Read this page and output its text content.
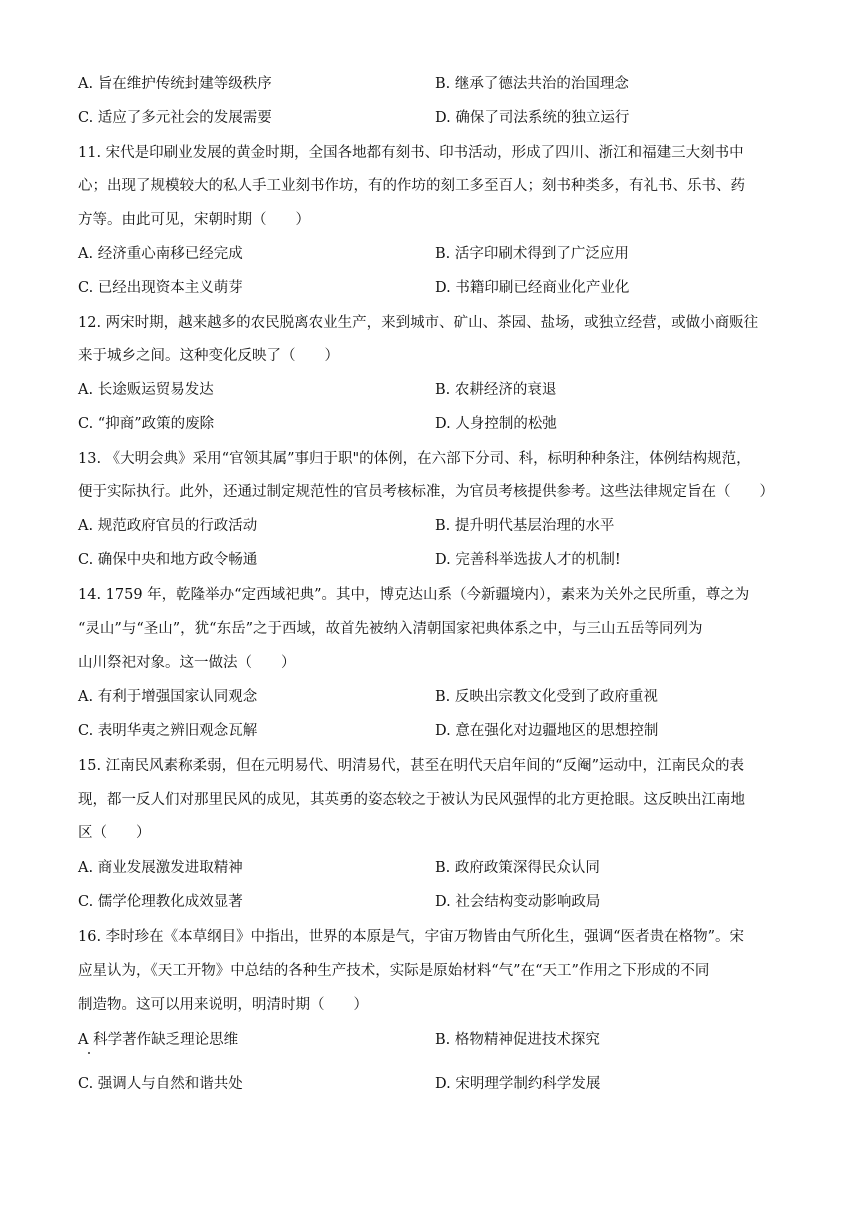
A. 旨在维护传统封建等级秩序	B. 继承了德法共治的治国理念
C. 适应了多元社会的发展需要	D. 确保了司法系统的独立运行
11. 宋代是印刷业发展的黄金时期，全国各地都有刻书、印书活动，形成了四川、浙江和福建三大刻书中
心；出现了规模较大的私人手工业刻书作坊，有的作坊的刻工多至百人；刻书种类多，有礼书、乐书、药
方等。由此可见，宋朝时期（　　）
A. 经济重心南移已经完成	B. 活字印刷术得到了广泛应用
C. 已经出现资本主义萌芽	D. 书籍印刷已经商业化产业化
12. 两宋时期，越来越多的农民脱离农业生产，来到城市、矿山、茶园、盐场，或独立经营，或做小商贩往
来于城乡之间。这种变化反映了（　　）
A. 长途贩运贸易发达	B. 农耕经济的衰退
C. “抑商”政策的废除	D. 人身控制的松弛
13. 《大明会典》采用“官领其属”事归于职"的体例，在六部下分司、科，标明种种条注，体例结构规范，
便于实际执行。此外，还通过制定规范性的官员考核标准，为官员考核提供参考。这些法律规定旨在（　　）
A. 规范政府官员的行政活动	B. 提升明代基层治理的水平
C. 确保中央和地方政令畅通	D. 完善科举选拔人才的机制!
14. 1759 年，乾隆举办“定西域祀典”。其中，博克达山系（今新疆境内），素来为关外之民所重，尊之为
“灵山”与“圣山”，犹“东岳”之于西域，故首先被纳入清朝国家祀典体系之中，与三山五岳等同列为
山川祭祀对象。这一做法（　　）
A. 有利于增强国家认同观念	B. 反映出宗教文化受到了政府重视
C. 表明华夷之辨旧观念瓦解	D. 意在强化对边疆地区的思想控制
15. 江南民风素称柔弱，但在元明易代、明清易代，甚至在明代天启年间的“反阉”运动中，江南民众的表
现，都一反人们对那里民风的成见，其英勇的姿态较之于被认为民风强悍的北方更抢眼。这反映出江南地
区（　　）
A. 商业发展激发进取精神	B. 政府政策深得民众认同
C. 儒学伦理教化成效显著	D. 社会结构变动影响政局
16. 李时珍在《本草纲目》中指出，世界的本原是气，宇宙万物皆由气所化生，强调“医者贵在格物”。宋
应星认为，《天工开物》中总结的各种生产技术，实际是原始材料“气”在“天工”作用之下形成的不同
制造物。这可以用来说明，明清时期（　　）
A 科学著作缺乏理论思维	B. 格物精神促进技术探究
C. 强调人与自然和谐共处	D. 宋明理学制约科学发展
